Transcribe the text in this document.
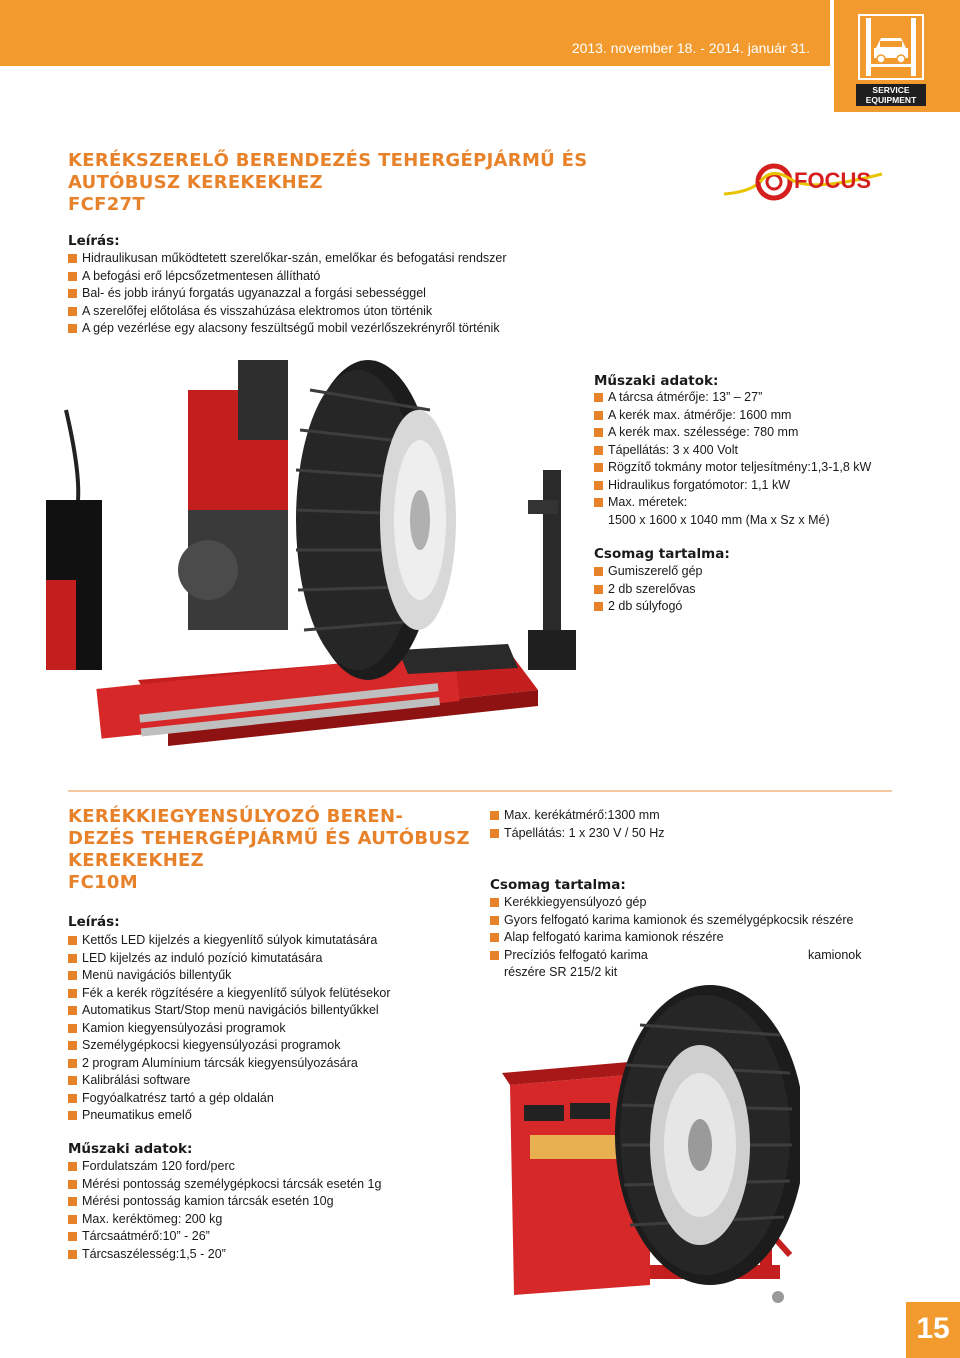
2013. november 18. - 2014. január 31.
SERVICE
EQUIPMENT
FOCUS
KERÉKSZERELŐ BERENDEZÉS TEHERGÉPJÁRMŰ ÉS
AUTÓBUSZ KEREKEKHEZ
FCF27T
Leírás:
Hidraulikusan működtetett szerelőkar-szán, emelőkar és befogatási rendszer
A befogási erő lépcsőzetmentesen állítható
Bal- és jobb irányú forgatás ugyanazzal a forgási sebességgel
A szerelőfej előtolása és visszahúzása elektromos úton történik
A gép vezérlése egy alacsony feszültségű mobil vezérlőszekrényről történik
Műszaki adatok:
A tárcsa átmérője: 13” – 27”
A kerék max. átmérője: 1600 mm
A kerék max. szélessége: 780 mm
Tápellátás: 3 x 400 Volt
Rögzítő tokmány motor teljesítmény:1,3-1,8 kW
Hidraulikus forgatómotor: 1,1 kW
Max. méretek:
1500 x 1600 x 1040 mm (Ma x Sz x Mé)
Csomag tartalma:
Gumiszerelő gép
2 db szerelővas
2 db súlyfogó
KERÉKKIEGYENSÚLYOZÓ BEREN-
DEZÉS TEHERGÉPJÁRMŰ ÉS AUTÓBUSZ
KEREKEKHEZ
FC10M
Leírás:
Kettős LED kijelzés a kiegyenlítő súlyok kimutatására
LED kijelzés az induló pozíció kimutatására
Menü navigációs billentyűk
Fék a kerék rögzítésére a kiegyenlítő súlyok felütésekor
Automatikus Start/Stop menü navigációs billentyűkkel
Kamion kiegyensúlyozási programok
Személygépkocsi kiegyensúlyozási programok
2 program Alumínium tárcsák kiegyensúlyozására
Kalibrálási software
Fogyóalkatrész tartó a gép oldalán
Pneumatikus emelő
Műszaki adatok:
Fordulatszám 120 ford/perc
Mérési pontosság személygépkocsi tárcsák esetén 1g
Mérési pontosság kamion tárcsák esetén 10g
Max. keréktömeg: 200 kg
Tárcsaátmérő:10” - 26”
Tárcsaszélesség:1,5 - 20”
Max. kerékátmérő:1300 mm
Tápellátás: 1 x 230 V / 50 Hz
Csomag tartalma:
Kerékkiegyensúlyozó gép
Gyors felfogató karima kamionok és személygépkocsik részére
Alap felfogató karima kamionok részére
Precíziós felfogató karima	kamionok
részére SR 215/2 kit
15
